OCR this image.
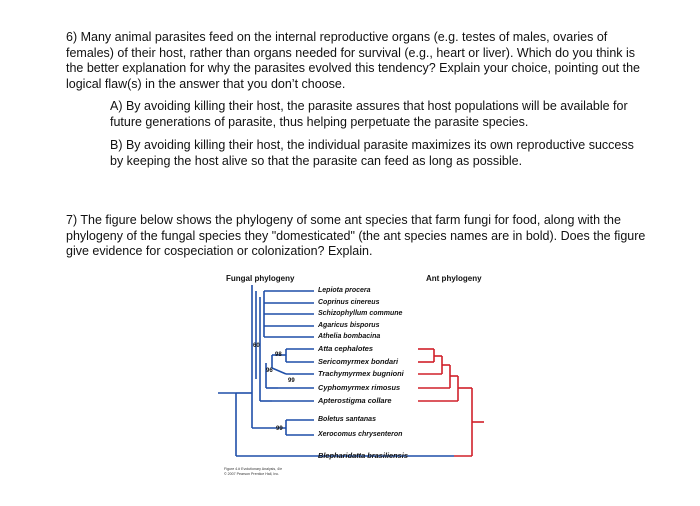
6) Many animal parasites feed on the internal reproductive organs (e.g. testes of males, ovaries of females) of their host, rather than organs needed for survival (e.g., heart or liver). Which do you think is the better explanation for why the parasites evolved this tendency? Explain your choice, pointing out the logical flaw(s) in the answer that you don’t choose.
A) By avoiding killing their host, the parasite assures that host populations will be available for future generations of parasite, thus helping perpetuate the parasite species.
B) By avoiding killing their host, the individual parasite maximizes its own reproductive success by keeping the host alive so that the parasite can feed as long as possible.
7) The figure below shows the phylogeny of some ant species that farm fungi for food, along with the phylogeny of the fungal species they "domesticated" (the ant species names are in bold). Does the figure give evidence for cospeciation or colonization? Explain.
Fungal phylogeny	Ant phylogeny
Lepiota procera
Coprinus cinereus
Schizophyllum commune
Agaricus bisporus
Athelia bombacina
Atta cephalotes
Sericomyrmex bondari
Trachymyrmex bugnioni
Cyphomyrmex rimosus
Apterostigma collare
Boletus santanas
Xerocomus chrysenteron
Blepharidatta brasiliensis
60
98
96
99
99
Figure 4.# Evolutionary Analysis, 4/e
© 2007 Pearson Prentice Hall, Inc.
